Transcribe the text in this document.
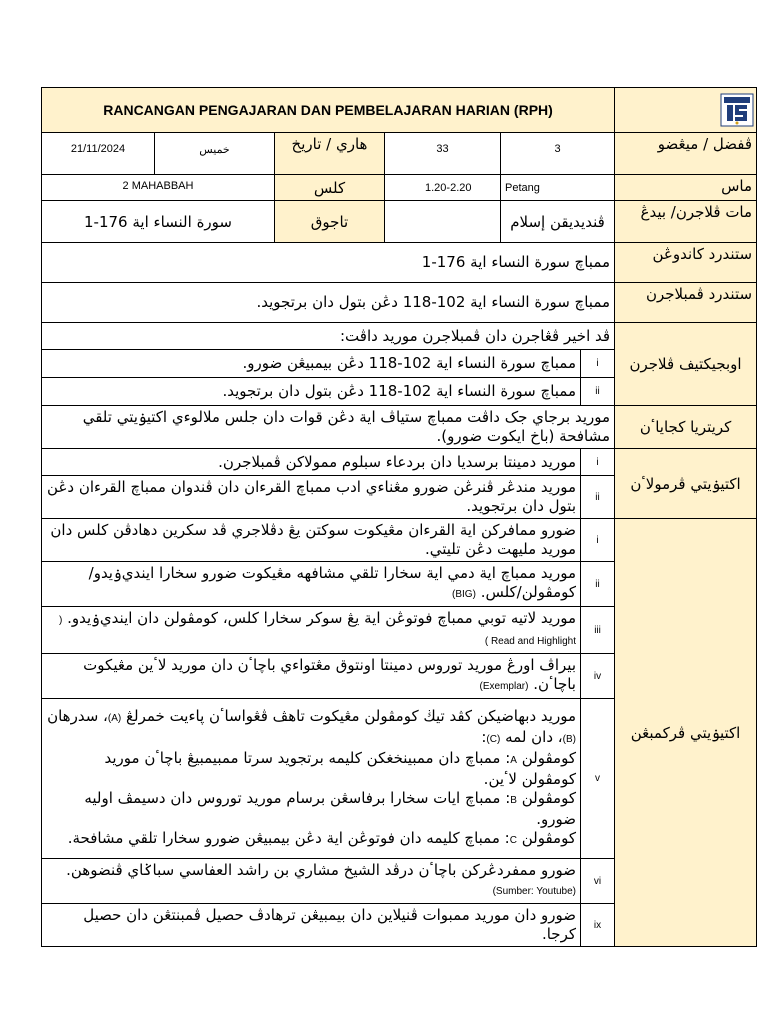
RANCANGAN PENGAJARAN DAN PEMBELAJARAN HARIAN (RPH)	

21/11/2024	خميس	هاري / تاريخ	33	3		ڤفضل / ميڠضو
2 MAHABBAH		کلس	1.20-2.20	Petang		ماس
سورة النساء اية 176-1		تاجوق		ڤنديديقن إسلام		مات ڤلاجرن/ بيدڠ
ممباچ سورة النساء اية 176-1						ستندرد کاندوڠن
ممباچ سورة النساء اية 102-118 دڠن بتول دان برتجويد.						ستندرد ڤمبلاجرن
ڤد اخير ڤڠاجرن دان ڤمبلاجرن موريد داڤت:						اوبجيکتيف ڤلاجرن
ممباچ سورة النساء اية 102-118 دڠن بيمبيڠن ضورو.					i	
ممباچ سورة النساء اية 102-118 دڠن بتول دان برتجويد.					ii	
موريد برجاي جک داڤت ممباچ ستياڤ اية دڠن قوات دان جلس ملالوءي اکتيۏيتي تلقي مشافحة (باخ ايکوت ضورو).						کريتريا کجاياٴن
موريد دمينتا برسديا دان بردعاء سبلوم ممولاکن ڤمبلاجرن.					i	اکتيۏيتي ڤرمولاٴن
موريد مندڠر ڤنرڠن ضورو مڠناءي ادب ممباچ القرءان دان ڤندوان ممباچ القرءان دڠن بتول دان برتجويد.					ii	
ضورو ممافرکن اية القرءان مڠيکوت سوکتن يڠ دڤلاجري ڤد سکرين دهادڤن کلس دان موريد مليهت دڠن تليتي.					i	اکتيۏيتي ڤرکمبڠن
موريد ممباچ اية دمي اية سخارا تلقي مشافهه مڠيکوت ضورو سخارا ايندي‌ۏيدو/کومڤولن/کلس. (BIG)					ii	
موريد لاتيه توبي ممباچ فوتوڠن اية يڠ سوکر سخارا کلس، کومڤولن دان ايندي‌ۏيدو. ( Read and Highlight )					iii	
بيراڤ اورڠ موريد توروس دمينتا اونتوق مڠتواءي باچاٴن دان موريد لاٴين مڠيکوت باچاٴن. (Exemplar)					iv	

موريد دبهاضيکن کڤد تيڬ کومڤولن مڠيکوت تاهڤ ڤڠواساٴن ڽاءيت خمرلڠ (A)، سدرهان (B)، دان لمه (C):
کومڤولن A: ممباچ دان ممبينخغکن کليمه برتجويد سرتا ممبيمبيڠ باچاٴن موريد کومڤولن لاٴين.
کومڤولن B: ممباچ ايات سخارا برفاسڠن برسام موريد توروس دان دسيمڤ اوليه ضورو.
کومڤولن C: ممباچ کليمه دان فوتوڠن اية دڠن بيمبيڠن ضورو سخارا تلقي مشافحة.					v	
ضورو ممفردڠرکن باچاٴن درڤد الشيخ مشاري بن راشد العفاسي سباݢاي ڤنضوهن. (Sumber: Youtube)					vi	
ضورو دان موريد ممبوات ڤنيلاين دان بيمبيڠن ترهادڤ حصيل ڤمبنتڠن دان حصيل کرجا.					ix	
